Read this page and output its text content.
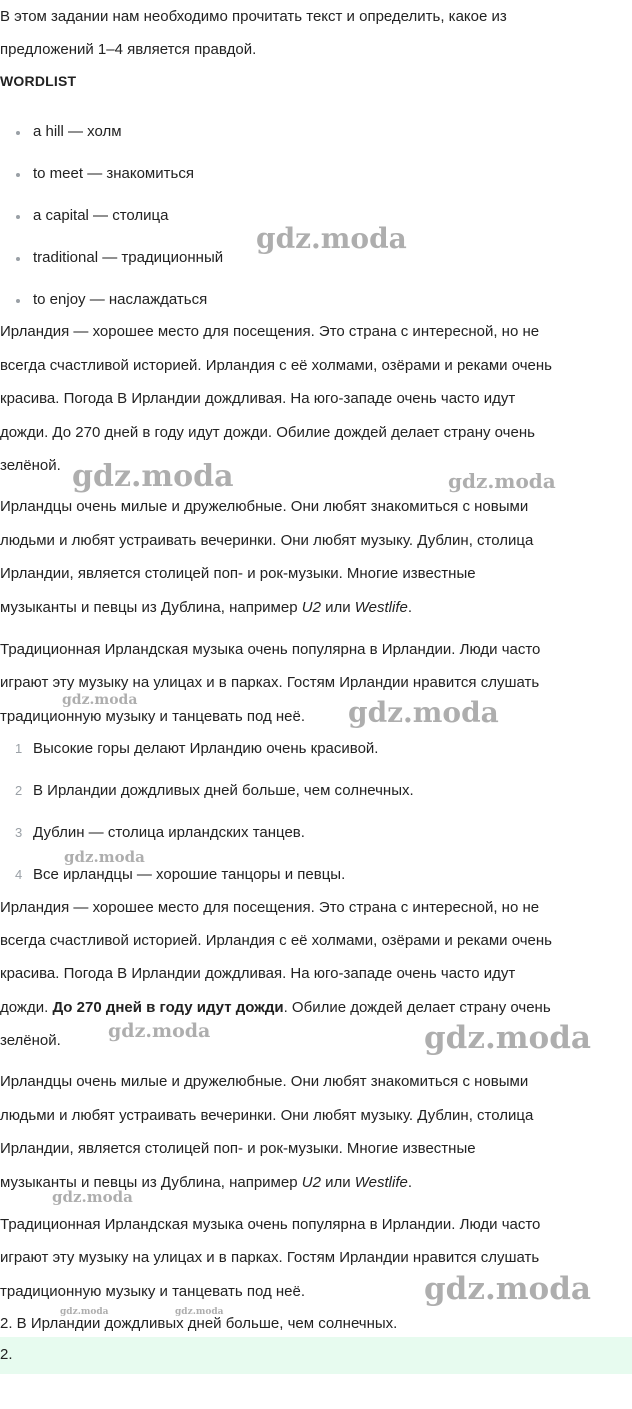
В этом задании нам необходимо прочитать текст и определить, какое из
предложений 1–4 является правдой.
WORDLIST
a hill — холм
to meet — знакомиться
a capital — столица
traditional — традиционный
to enjoy — наслаждаться
Ирландия — хорошее место для посещения. Это страна с интересной, но не
всегда счастливой историей. Ирландия с её холмами, озёрами и реками очень
красива. Погода В Ирландии дождливая. На юго-западе очень часто идут
дожди. До 270 дней в году идут дожди. Обилие дождей делает страну очень
зелёной.
Ирландцы очень милые и дружелюбные. Они любят знакомиться с новыми
людьми и любят устраивать вечеринки. Они любят музыку. Дублин, столица
Ирландии, является столицей поп- и рок-музыки. Многие известные
музыканты и певцы из Дублина, например U2 или Westlife.
Традиционная Ирландская музыка очень популярна в Ирландии. Люди часто
играют эту музыку на улицах и в парках. Гостям Ирландии нравится слушать
традиционную музыку и танцевать под неё.
1 Высокие горы делают Ирландию очень красивой.
2 В Ирландии дождливых дней больше, чем солнечных.
3 Дублин — столица ирландских танцев.
4 Все ирландцы — хорошие танцоры и певцы.
Ирландия — хорошее место для посещения. Это страна с интересной, но не
всегда счастливой историей. Ирландия с её холмами, озёрами и реками очень
красива. Погода В Ирландии дождливая. На юго-западе очень часто идут
дожди. До 270 дней в году идут дожди. Обилие дождей делает страну очень
зелёной.
Ирландцы очень милые и дружелюбные. Они любят знакомиться с новыми
людьми и любят устраивать вечеринки. Они любят музыку. Дублин, столица
Ирландии, является столицей поп- и рок-музыки. Многие известные
музыканты и певцы из Дублина, например U2 или Westlife.
Традиционная Ирландская музыка очень популярна в Ирландии. Люди часто
играют эту музыку на улицах и в парках. Гостям Ирландии нравится слушать
традиционную музыку и танцевать под неё.
2. В Ирландии дождливых дней больше, чем солнечных.
2.
gdz.moda
gdz.moda	gdz.moda
gdz.moda	gdz.moda
gdz.moda
gdz.moda	gdz.moda
gdz.moda
gdz.moda
gdz.moda	gdz.moda
